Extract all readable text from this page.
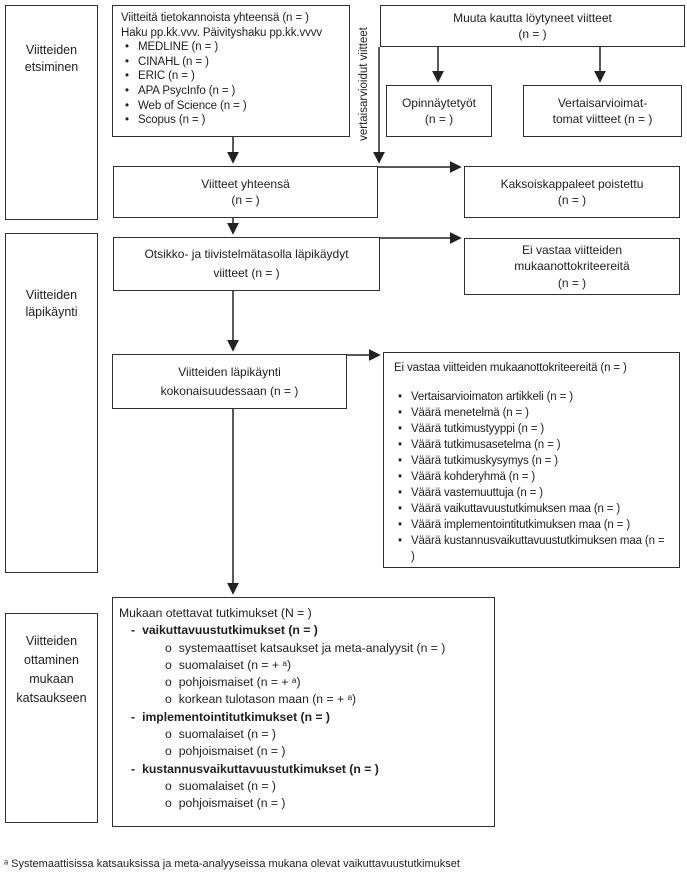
Viitteiden etsiminen
Viitteiden läpikäynti
Viitteiden ottaminen mukaan katsaukseen
Viitteitä tietokannoista yhteensä (n = )
Haku pp.kk.vvv. Päivityshaku pp.kk.vvvv
• MEDLINE (n = )
• CINAHL (n = )
• ERIC (n = )
• APA PsycInfo (n = )
• Web of Science (n = )
• Scopus (n = )
Muuta kautta löytyneet viitteet
(n = )
vertaisarvioidut viitteet	Opinnäytetyöt
(n = )
Vertaisarvioimat-
tomat viitteet (n = )
Viitteet yhteensä
(n = )
Kaksoiskappaleet poistettu
(n = )
Otsikko- ja tiivistelmätasolla läpikäydyt
viitteet (n = )
Ei vastaa viitteiden
mukaanottokriteereitä
(n = )
Viitteiden läpikäynti
kokonaisuudessaan (n = )
Ei vastaa viitteiden mukaanottokriteereitä (n = )
• Vertaisarvioimaton artikkeli (n = )
• Väärä menetelmä (n = )
• Väärä tutkimustyyppi (n = )
• Väärä tutkimusasetelma (n = )
• Väärä tutkimuskysymys (n = )
• Väärä kohderyhmä (n = )
• Väärä vastemuuttuja (n = )
• Väärä vaikuttavuustutkimuksen maa (n = )
• Väärä implementointitutkimuksen maa (n = )
• Väärä kustannusvaikuttavuustutkimuksen maa (n = )
Mukaan otettavat tutkimukset (N = )
- vaikuttavuustutkimukset (n = )
o systemaattiset katsaukset ja meta-analyysit (n = )
o suomalaiset (n = + ᵃ)
o pohjoismaiset (n = + ᵃ)
o korkean tulotason maan (n = + ᵃ)
- implementointitutkimukset (n = )
o suomalaiset (n = )
o pohjoismaiset (n = )
- kustannusvaikuttavuustutkimukset (n = )
o suomalaiset (n = )
o pohjoismaiset (n = )
ᵃ Systemaattisissa katsauksissa ja meta-analyyseissa mukana olevat vaikuttavuustutkimukset
